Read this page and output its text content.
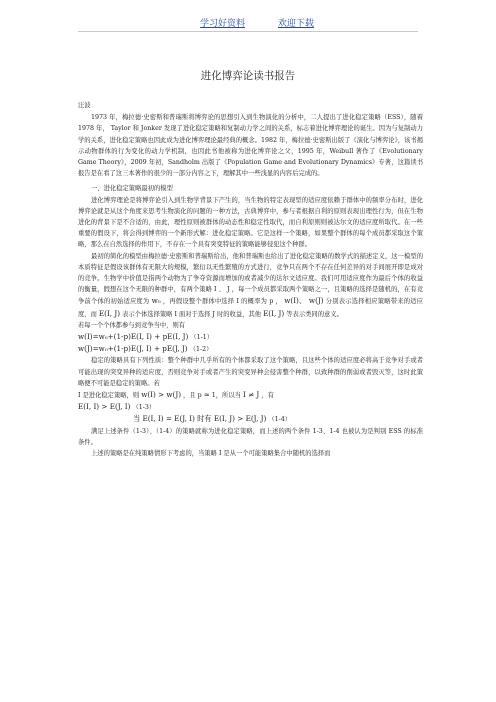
学习好资料	欢迎下载
进化博弈论读书报告
汪波

1973 年，梅拉德·史密斯和普瑞斯将博弈论的思想引入到生物演化的分析中，二人提出了进化稳定策略（ESS），随着 1978 年， Taylor 和 Jonker 发现了进化稳定策略和复制动力学之间的关系，标志着进化博弈理论的诞生。因为与复制动力学的关系，进化稳定策略也因此成为进化博弈理论最经典的概念。1982 年，梅拉德·史密斯出版了《演化与博弈论》，该书揭示动物群体的行为变化的动力学机制，也因此书他被称为进化博弈论之父，1995 年，Weibull 著作了《Evolutionary Game Theory》，2009 年初，Sandholm 出版了《Population Game and Evolutionary Dynamics》专著，这篇读书报告是在看了这三本著作的很少的一部分内容之下，理解其中一些浅显的内容后完成的。

一、进化稳定策略最初的模型

进化博弈理论是将博弈论引入到生物学背景下产生的，当生物的特定表现型的适应度依赖于群体中的频率分布时，进化博弈论就是从这个角度来思考生物演化的问题的一种方法，古典博弈中，参与者根据自利的原则表现出理性行为，但在生物进化的背景下是不合适的，由此，理性原则被群体的动态性和稳定性取代，而自利原则则被达尔文的适应度所取代。在一些重要的假设下，将会得到博弈的一个新形式解：进化稳定策略。它是这样一个策略，如果整个群体的每个成员都采取这个策略，那么在自然选择的作用下，不存在一个具有突变特征的策略能够侵犯这个种群。

最初的简化的模型由梅拉德·史密斯和普瑞斯给出，他和普瑞斯也给出了进化稳定策略的数学式的描述定义，这一模型的本质特征是假设该群体有无限大的规模，繁衍以无性繁殖的方式进行，竞争只在两个不存在任何差异的对手间展开即是成对的竞争。生物学中价值是指两个动物为了争夺资源而增加的或者减少的达尔文适应度。我们可用适应度作为最后个体的收益的衡量，假想在这个无限的种群中，有两个策略 I 、 J ，每一个成员都采取两个策略之一，且策略的选择是随机的，在有竞争前个体的初始适应度为 w₀ ，再假设整个群体中选择 I 的概率为 p ， w(I)、 w(J) 分别表示选择相应策略带来的适应度，而 E(I, J) 表示个体选择策略 I 面对于选择 J 时的收益，其他 E(I, J) 等表示类同的意义。

若每一个个体都参与到竞争当中，则有
w(I)=w₀+(1-p)E(I, I) + pE(I, J) （1-1）
w(J)=w₀+(1-p)E(J, I) + pE(J, J) （1-2）

稳定的策略具有下列性质：整个种群中几乎所有的个体都采取了这个策略，且这些个体的适应度必将高于竞争对手或者可能出现的突变异种的适应度，否则竞争对手或者产生的突变异种会侵害整个种群，以致种群的削弱或者毁灭等，这时此策略便不可能是稳定的策略。若

I 是进化稳定策略，则 w(I) > w(J) ，且 p ≈ 1，所以当 I ≠ J ，有
E(I, I) > E(J, I) （1-3）
当 E(I, I) = E(J, I) 时有 E(I, J) > E(J, J) （1-4）

满足上述条件（1-3）、（1-4）的策略就称为进化稳定策略，而上述的两个条件 1-3、1-4 也被认为是判别 ESS 的标准条件。

上述的策略是在纯策略情形下考虑的，当策略 I 是从一个可能策略集合中随机的选择而
